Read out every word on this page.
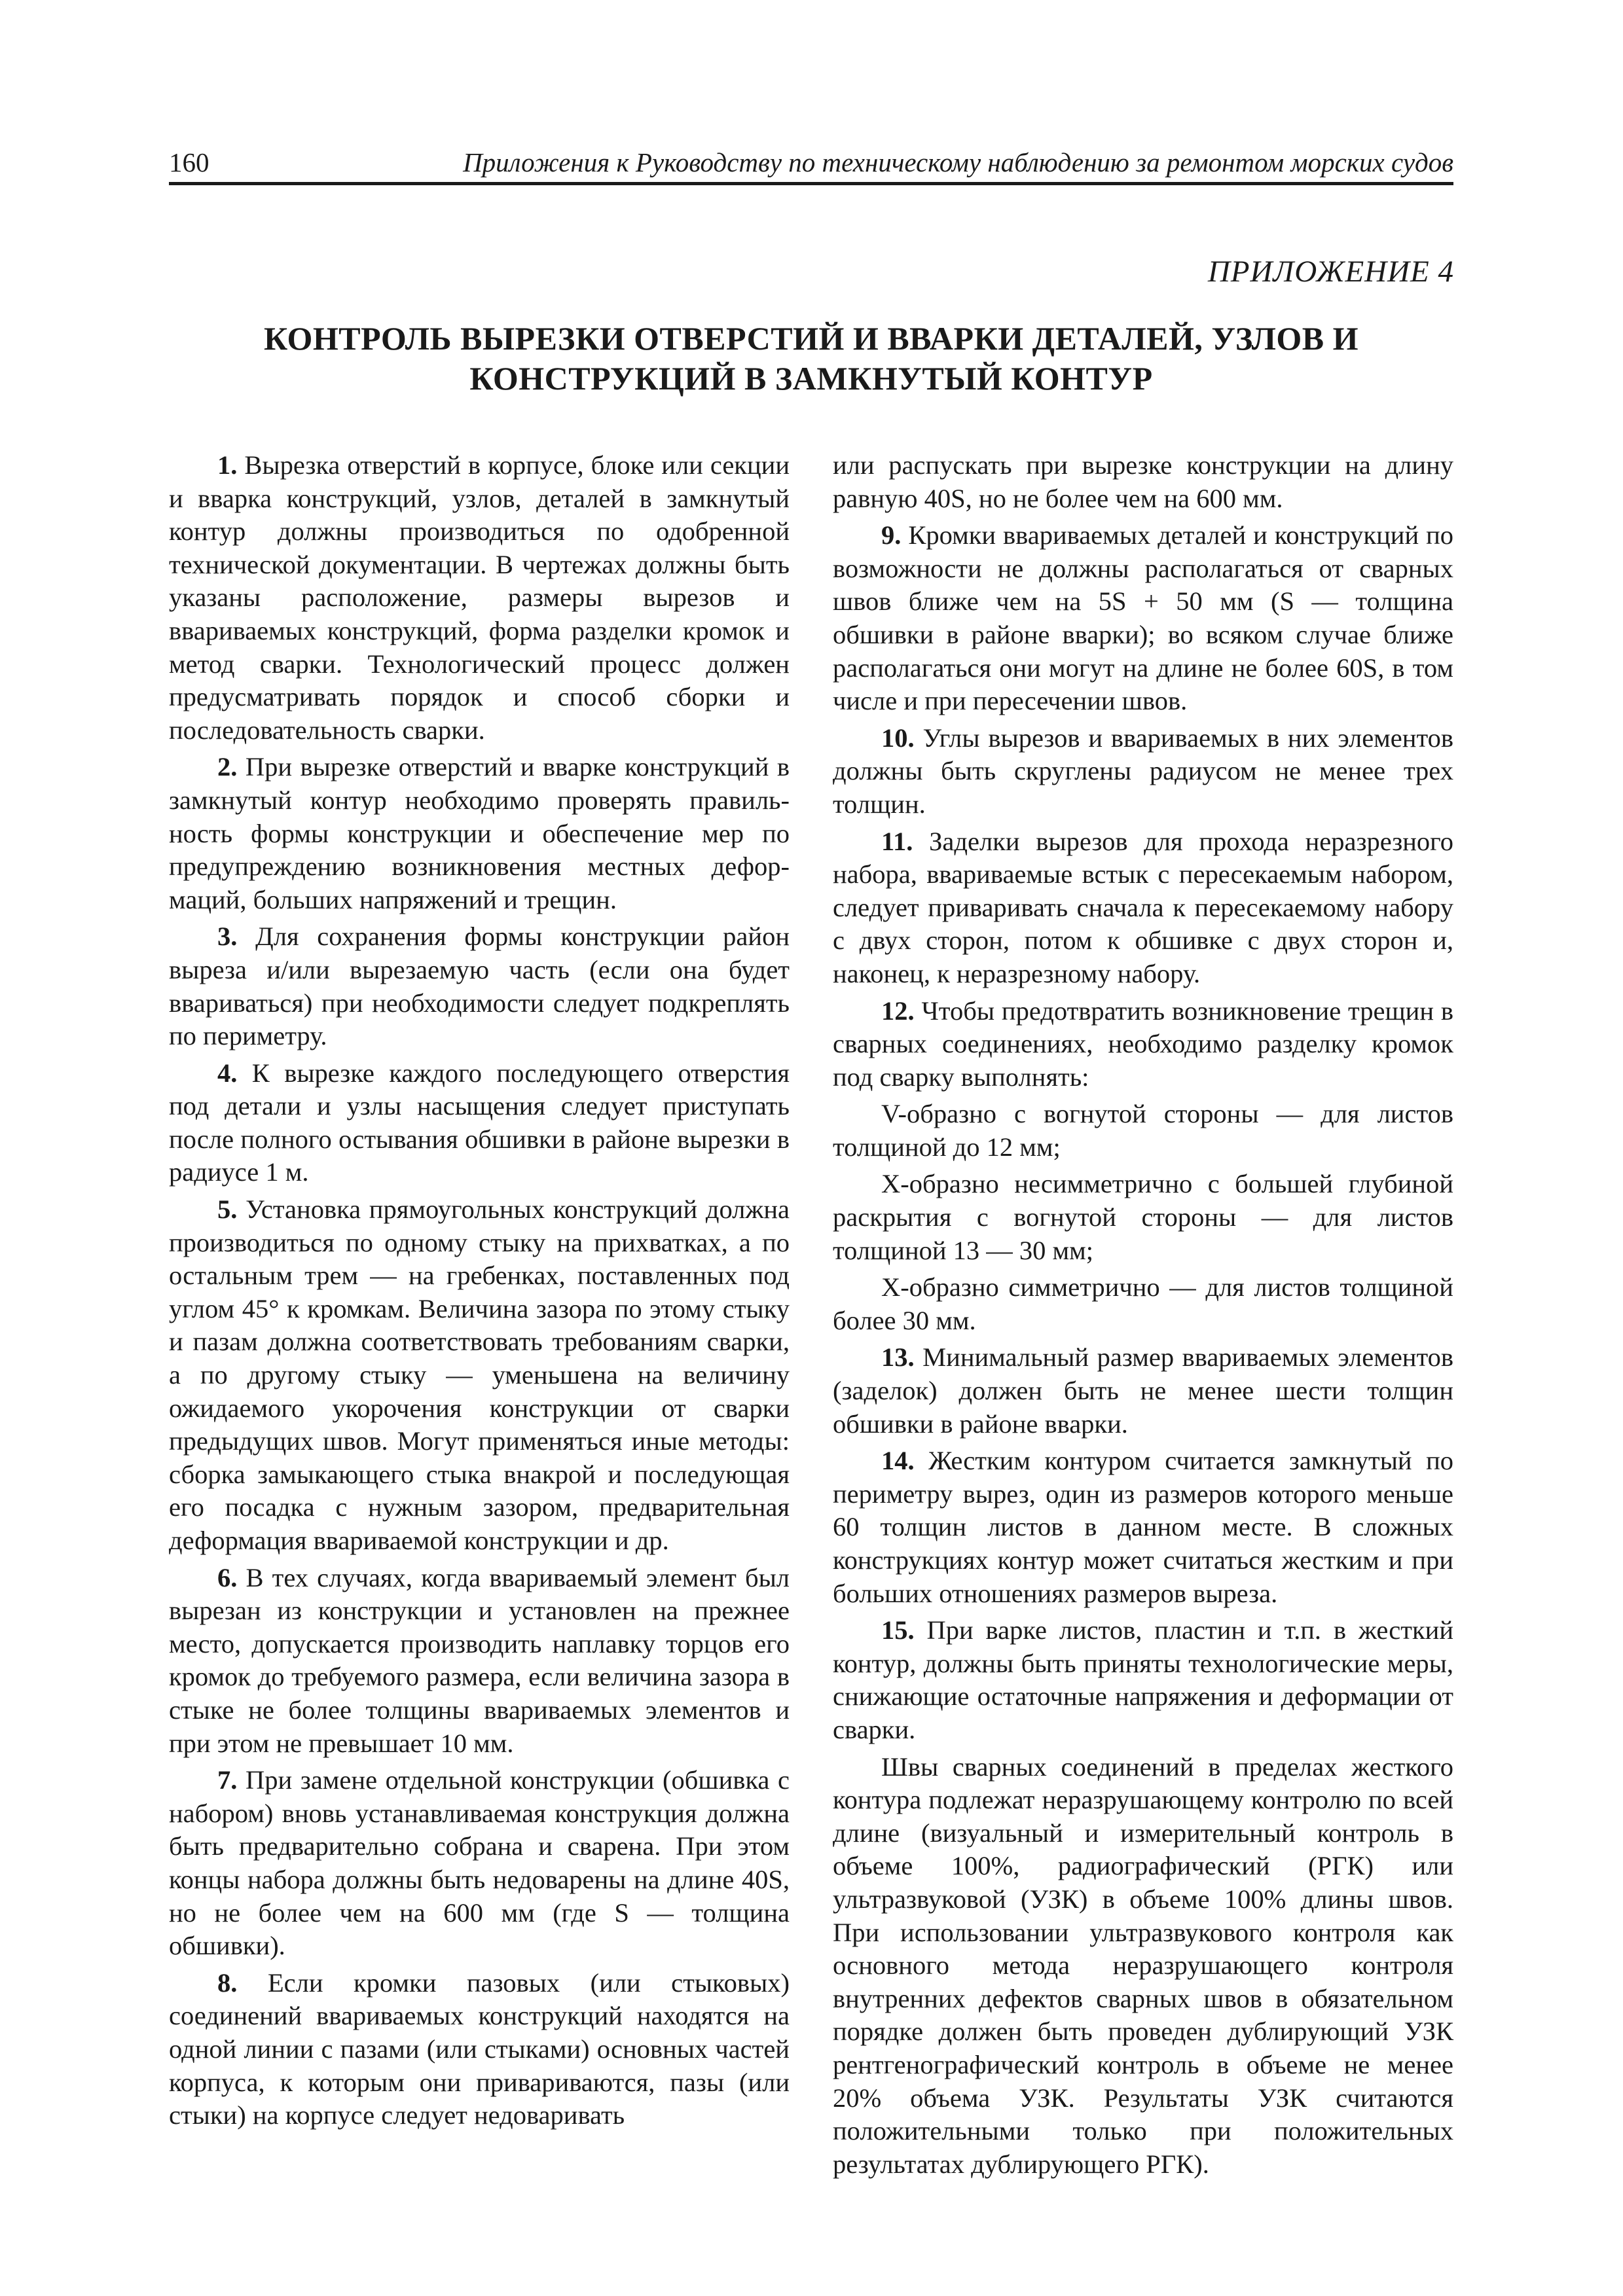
160	Приложения к Руководству по техническому наблюдению за ремонтом морских судов
ПРИЛОЖЕНИЕ 4
КОНТРОЛЬ ВЫРЕЗКИ ОТВЕРСТИЙ И ВВАРКИ ДЕТАЛЕЙ, УЗЛОВ И
КОНСТРУКЦИЙ В ЗАМКНУТЫЙ КОНТУР

1. Вырезка отверстий в корпусе, блоке или секции и вварка конструкций, узлов, деталей в замкнутый контур должны производиться по одобренной технической документации. В чертежах должны быть указаны расположение, размеры вырезов и ввариваемых конструкций, форма разделки кромок и метод сварки. Технологический процесс должен предусматривать порядок и способ сборки и последовательность сварки.

2. При вырезке отверстий и вварке конструкций в замкнутый контур необходимо проверять правильность формы конструкции и обеспечение мер по предупреждению возникновения местных деформаций, больших напряжений и трещин.

3. Для сохранения формы конструкции район выреза и/или вырезаемую часть (если она будет ввариваться) при необходимости следует подкреплять по периметру.

4. К вырезке каждого последующего отверстия под детали и узлы насыщения следует приступать после полного остывания обшивки в районе вырезки в радиусе 1 м.

5. Установка прямоугольных конструкций должна производиться по одному стыку на прихватках, а по остальным трем — на гребенках, поставленных под углом 45° к кромкам. Величина зазора по этому стыку и пазам должна соответствовать требованиям сварки, а по другому стыку — уменьшена на величину ожидаемого укорочения конструкции от сварки предыдущих швов. Могут применяться иные методы: сборка замыкающего стыка внакрой и последующая его посадка с нужным зазором, предварительная деформация ввариваемой конструкции и др.

6. В тех случаях, когда ввариваемый элемент был вырезан из конструкции и установлен на прежнее место, допускается производить наплавку торцов его кромок до требуемого размера, если величина зазора в стыке не более толщины ввариваемых элементов и при этом не превышает 10 мм.

7. При замене отдельной конструкции (обшивка с набором) вновь устанавливаемая конструкция должна быть предварительно собрана и сварена. При этом концы набора должны быть недоварены на длине 40S, но не более чем на 600 мм (где S — толщина обшивки).

8. Если кромки пазовых (или стыковых) соединений ввариваемых конструкций находятся на одной линии с пазами (или стыками) основных частей корпуса, к которым они привариваются, пазы (или стыки) на корпусе следует недоваривать

или распускать при вырезке конструкции на длину равную 40S, но не более чем на 600 мм.

9. Кромки ввариваемых деталей и конструкций по возможности не должны располагаться от сварных швов ближе чем на 5S + 50 мм (S — толщина обшивки в районе вварки); во всяком случае ближе располагаться они могут на длине не более 60S, в том числе и при пересечении швов.

10. Углы вырезов и ввариваемых в них элементов должны быть скруглены радиусом не менее трех толщин.

11. Заделки вырезов для прохода неразрезного набора, ввариваемые встык с пересекаемым набором, следует приваривать сначала к пересекаемому набору с двух сторон, потом к обшивке с двух сторон и, наконец, к неразрезному набору.

12. Чтобы предотвратить возникновение трещин в сварных соединениях, необходимо разделку кромок под сварку выполнять:

V-образно с вогнутой стороны — для листов толщиной до 12 мм;

X-образно несимметрично с большей глубиной раскрытия с вогнутой стороны — для листов толщиной 13 — 30 мм;

X-образно симметрично — для листов толщиной более 30 мм.

13. Минимальный размер ввариваемых элементов (заделок) должен быть не менее шести толщин обшивки в районе вварки.

14. Жестким контуром считается замкнутый по периметру вырез, один из размеров которого меньше 60 толщин листов в данном месте. В сложных конструкциях контур может считаться жестким и при больших отношениях размеров выреза.

15. При варке листов, пластин и т.п. в жесткий контур, должны быть приняты технологические меры, снижающие остаточные напряжения и деформации от сварки.

Швы сварных соединений в пределах жесткого контура подлежат неразрушающему контролю по всей длине (визуальный и измерительный контроль в объеме 100%, радиографический (РГК) или ультразвуковой (УЗК) в объеме 100% длины швов. При использовании ультразвукового контроля как основного метода неразрушающего контроля внутренних дефектов сварных швов в обязательном порядке должен быть проведен дублирующий УЗК рентгенографический контроль в объеме не менее 20% объема УЗК. Результаты УЗК считаются положительными только при положительных результатах дублирующего РГК).
